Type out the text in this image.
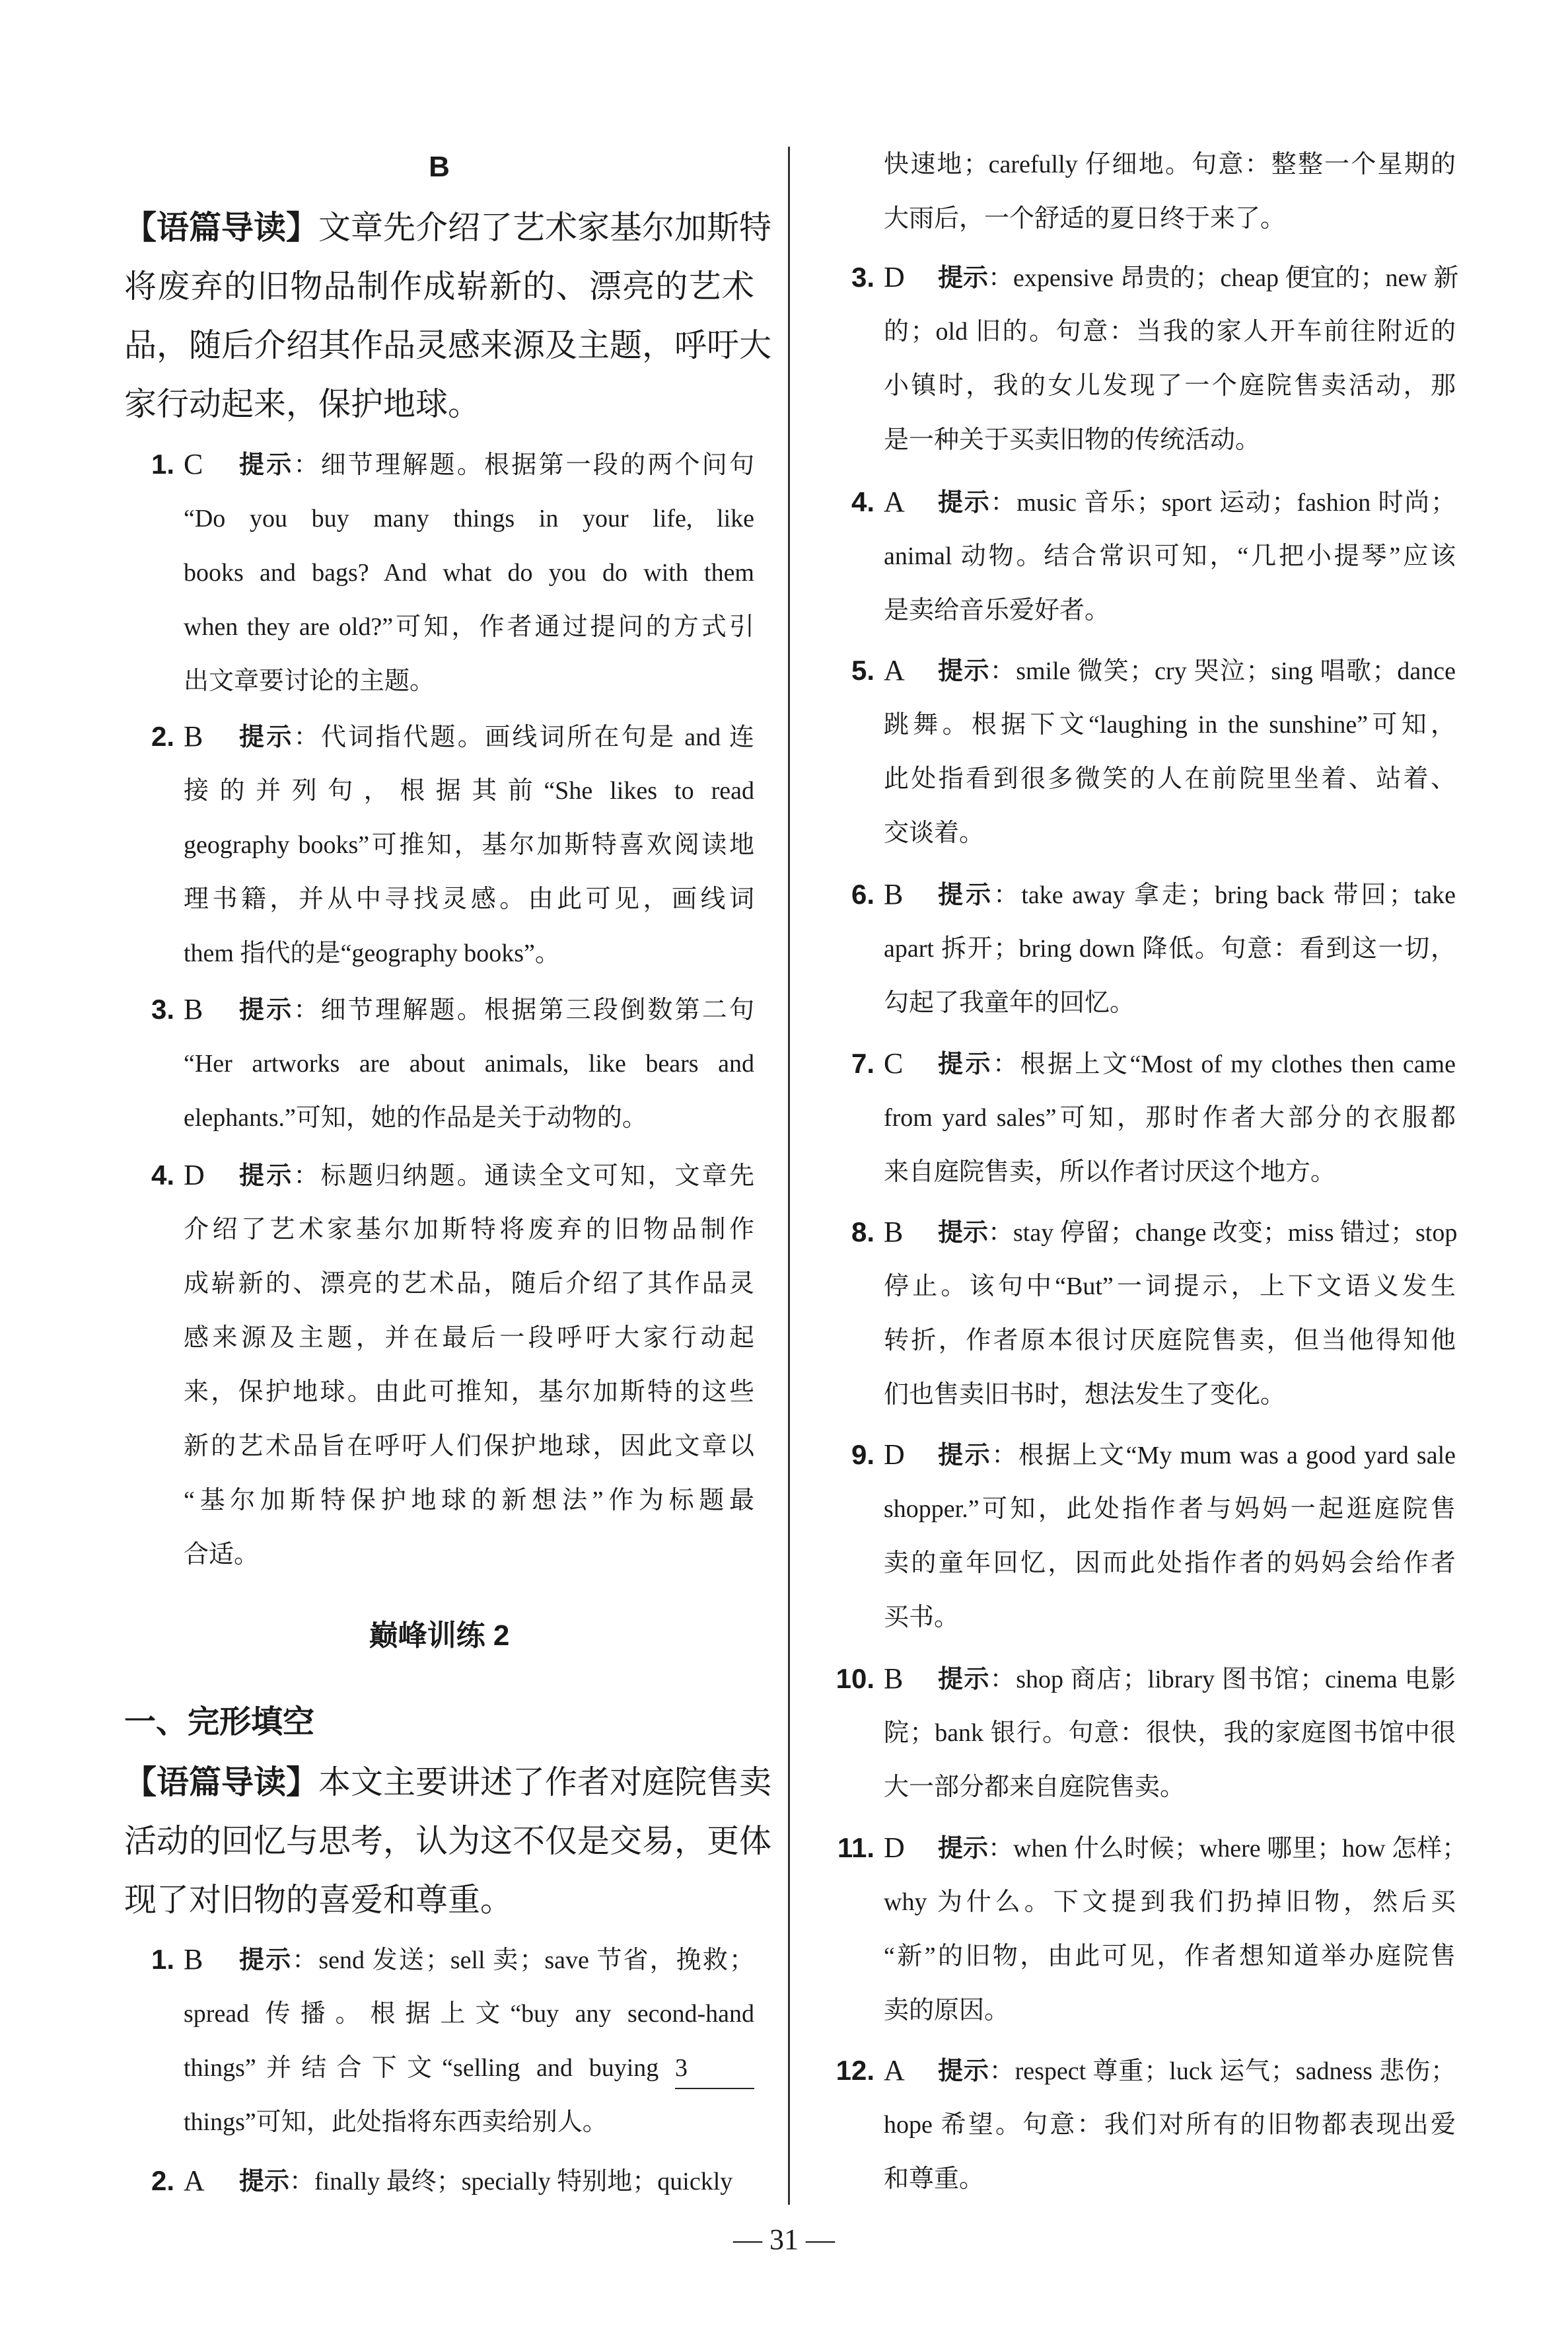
B
【语篇导读】文章先介绍了艺术家基尔加斯特
将废弃的旧物品制作成崭新的、漂亮的艺术
品，随后介绍其作品灵感来源及主题，呼吁大
家行动起来，保护地球。
1. C 提示：细节理解题。根据第一段的两个问句
“Do you buy many things in your life, like
books and bags? And what do you do with them
when they are old?”可知，作者通过提问的方式引
出文章要讨论的主题。
2. B 提示：代词指代题。画线词所在句是 and 连
接的并列句，根据其前“She likes to read
geography books”可推知，基尔加斯特喜欢阅读地
理书籍，并从中寻找灵感。由此可见，画线词
them 指代的是“geography books”。
3. B 提示：细节理解题。根据第三段倒数第二句
“Her artworks are about animals, like bears and
elephants.”可知，她的作品是关于动物的。
4. D 提示：标题归纳题。通读全文可知，文章先
介绍了艺术家基尔加斯特将废弃的旧物品制作
成崭新的、漂亮的艺术品，随后介绍了其作品灵
感来源及主题，并在最后一段呼吁大家行动起
来，保护地球。由此可推知，基尔加斯特的这些
新的艺术品旨在呼吁人们保护地球，因此文章以
“基尔加斯特保护地球的新想法”作为标题最
合适。
巅峰训练 2
一、完形填空
【语篇导读】本文主要讲述了作者对庭院售卖
活动的回忆与思考，认为这不仅是交易，更体
现了对旧物的喜爱和尊重。
1. B 提示：send 发送；sell 卖；save 节省，挽救；
spread 传播。根据上文“buy any second-hand
things”并结合下文“selling and buying 3
things”可知，此处指将东西卖给别人。
2. A 提示：finally 最终；specially 特别地；quickly
快速地；carefully 仔细地。句意：整整一个星期的
大雨后，一个舒适的夏日终于来了。
3. D 提示：expensive 昂贵的；cheap 便宜的；new 新
的；old 旧的。句意：当我的家人开车前往附近的
小镇时，我的女儿发现了一个庭院售卖活动，那
是一种关于买卖旧物的传统活动。
4. A 提示：music 音乐；sport 运动；fashion 时尚；
animal 动物。结合常识可知，“几把小提琴”应该
是卖给音乐爱好者。
5. A 提示：smile 微笑；cry 哭泣；sing 唱歌；dance
跳舞。根据下文“laughing in the sunshine”可知，
此处指看到很多微笑的人在前院里坐着、站着、
交谈着。
6. B 提示：take away 拿走；bring back 带回；take
apart 拆开；bring down 降低。句意：看到这一切，
勾起了我童年的回忆。
7. C 提示：根据上文“Most of my clothes then came
from yard sales”可知，那时作者大部分的衣服都
来自庭院售卖，所以作者讨厌这个地方。
8. B 提示：stay 停留；change 改变；miss 错过；stop
停止。该句中“But”一词提示，上下文语义发生
转折，作者原本很讨厌庭院售卖，但当他得知他
们也售卖旧书时，想法发生了变化。
9. D 提示：根据上文“My mum was a good yard sale
shopper.”可知，此处指作者与妈妈一起逛庭院售
卖的童年回忆，因而此处指作者的妈妈会给作者
买书。
10. B 提示：shop 商店；library 图书馆；cinema 电影
院；bank 银行。句意：很快，我的家庭图书馆中很
大一部分都来自庭院售卖。
11. D 提示：when 什么时候；where 哪里；how 怎样；
why 为什么。下文提到我们扔掉旧物，然后买
“新”的旧物，由此可见，作者想知道举办庭院售
卖的原因。
12. A 提示：respect 尊重；luck 运气；sadness 悲伤；
hope 希望。句意：我们对所有的旧物都表现出爱
和尊重。
— 31 —
